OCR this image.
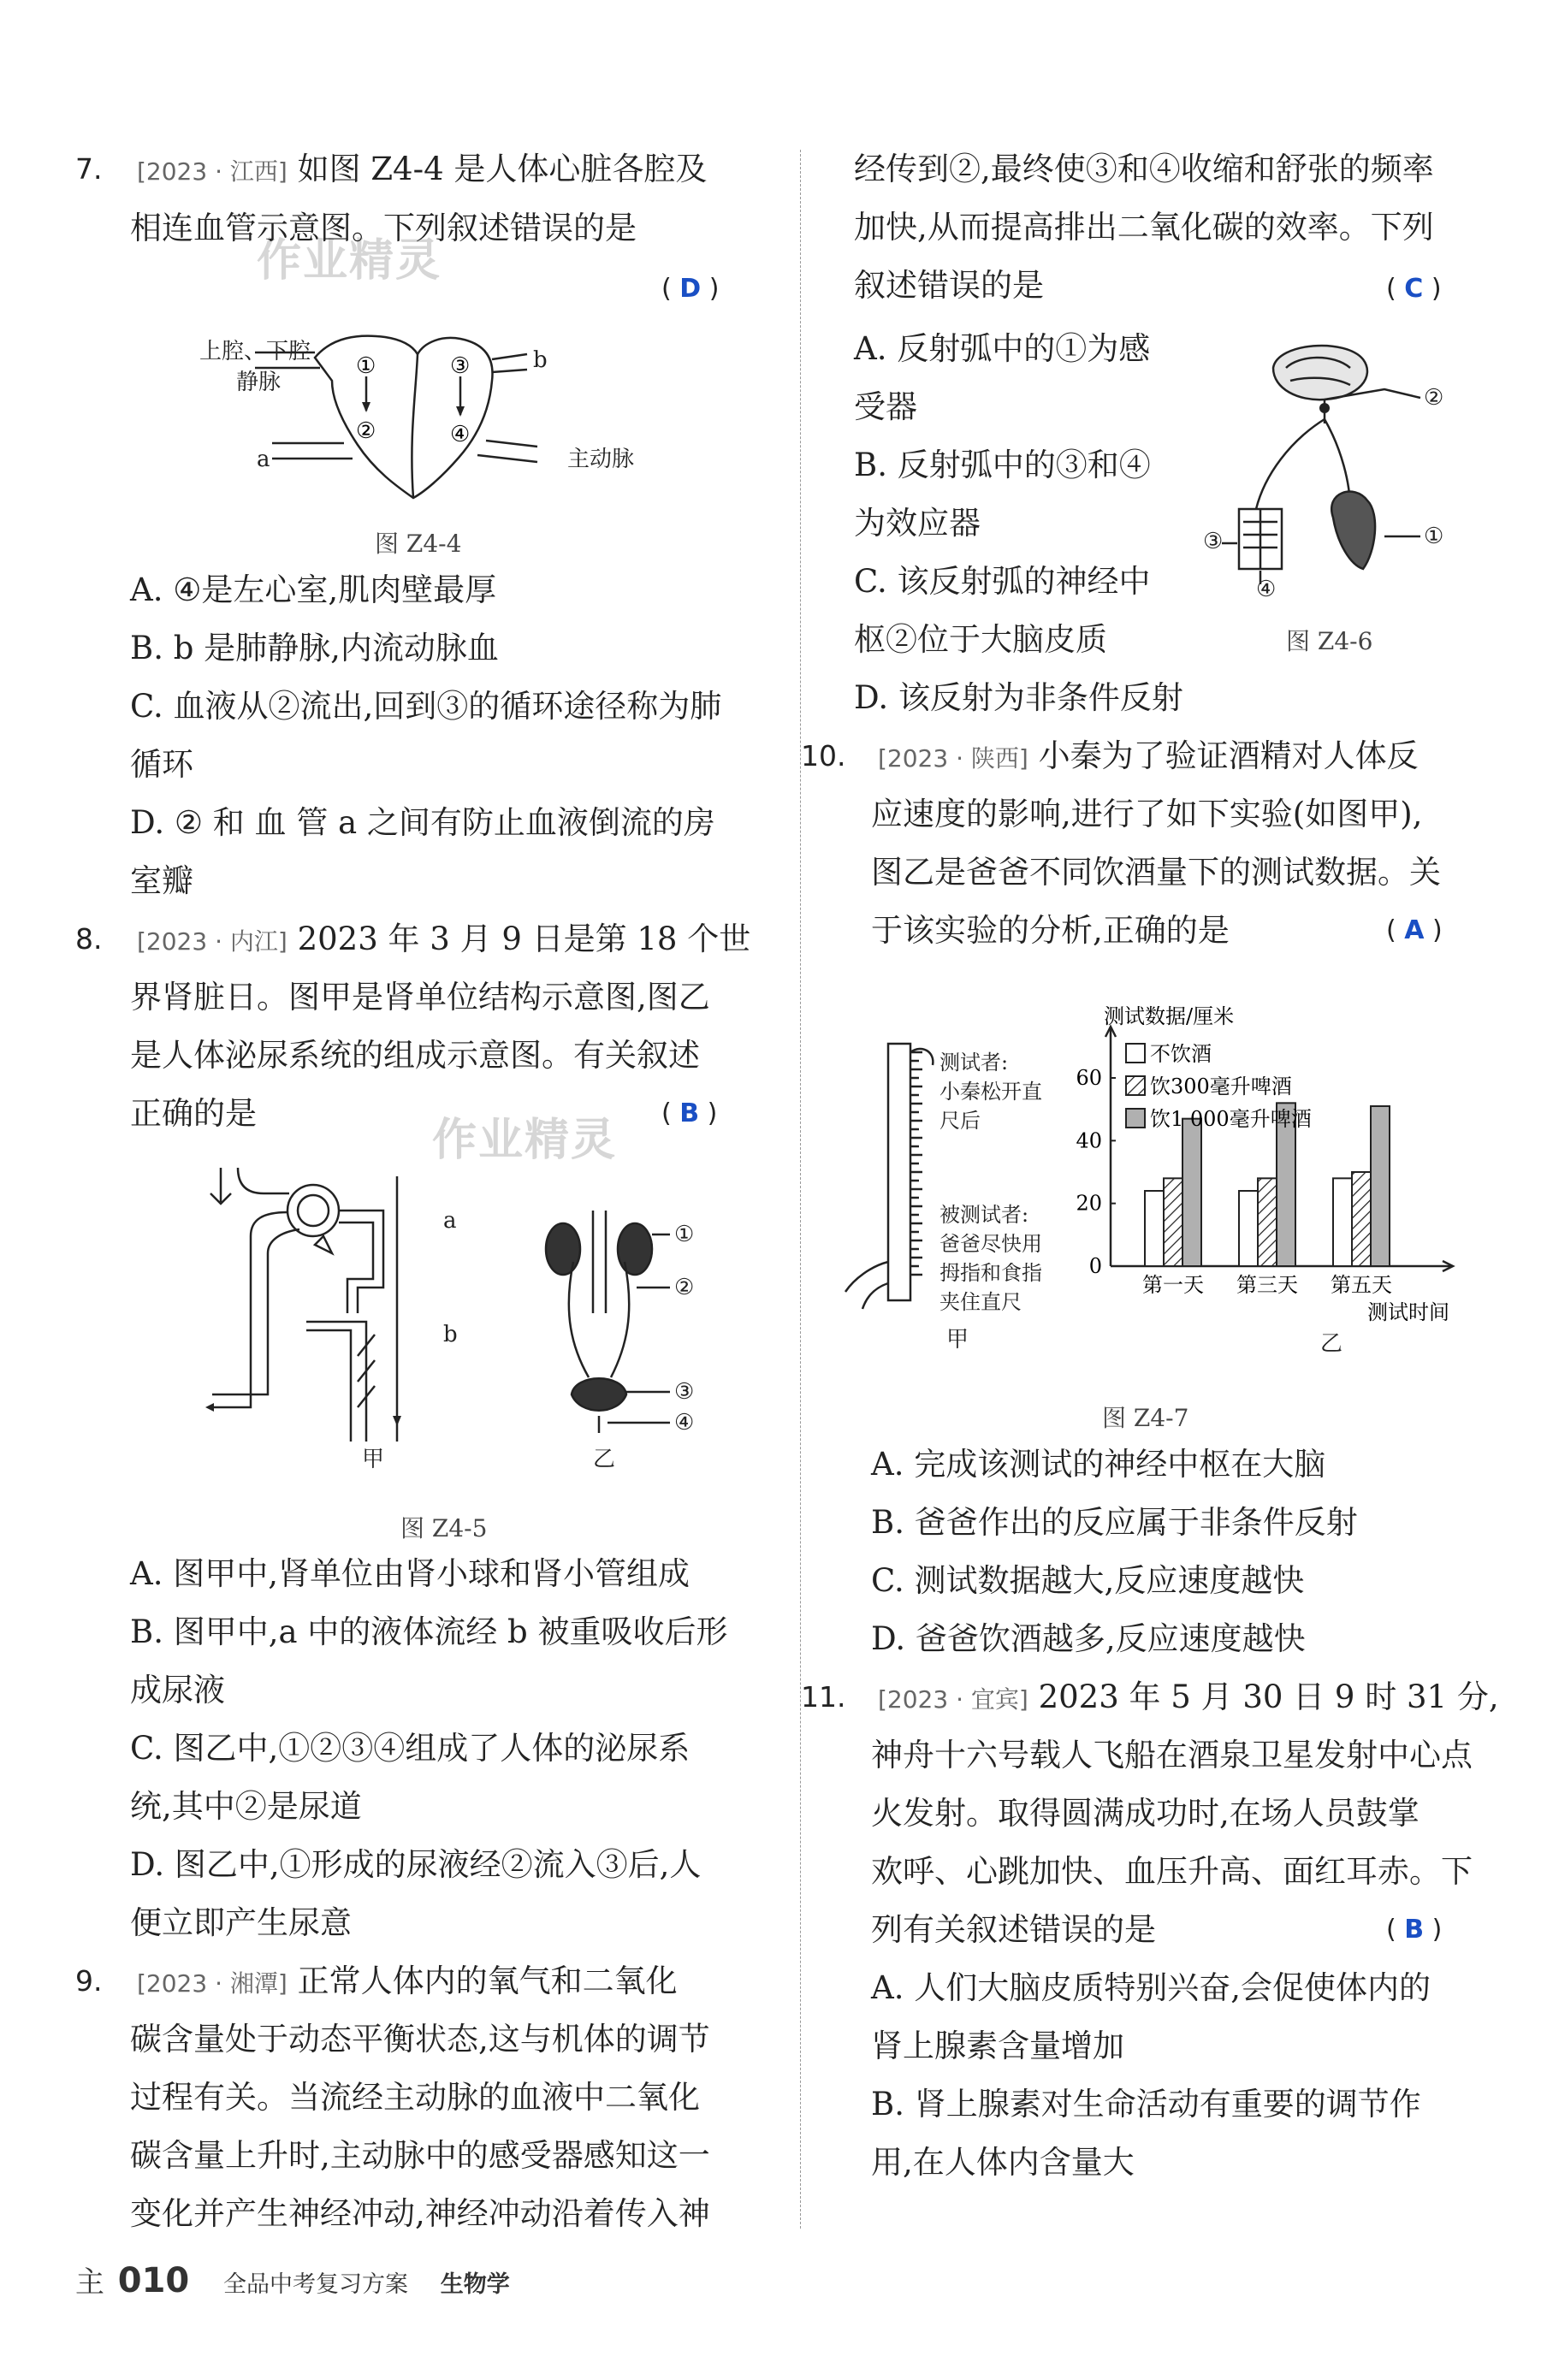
作业精灵
作业精灵
7. [2023 · 江西] 如图 Z4-4 是人体心脏各腔及
相连血管示意图。下列叙述错误的是
( D )
①	③
②	④
上腔、下腔
静脉
b
a	主动脉
图 Z4-4
A. ④是左心室,肌肉壁最厚
B. b 是肺静脉,内流动脉血
C. 血液从②流出,回到③的循环途径称为肺
循环
D. ② 和 血 管 a 之间有防止血液倒流的房
室瓣
8. [2023 · 内江] 2023 年 3 月 9 日是第 18 个世
界肾脏日。图甲是肾单位结构示意图,图乙
是人体泌尿系统的组成示意图。有关叙述
正确的是	( B )
a
b
甲
①
②
③
④
乙
图 Z4-5
A. 图甲中,肾单位由肾小球和肾小管组成
B. 图甲中,a 中的液体流经 b 被重吸收后形
成尿液
C. 图乙中,①②③④组成了人体的泌尿系
统,其中②是尿道
D. 图乙中,①形成的尿液经②流入③后,人
便立即产生尿意
9. [2023 · 湘潭] 正常人体内的氧气和二氧化
碳含量处于动态平衡状态,这与机体的调节
过程有关。当流经主动脉的血液中二氧化
碳含量上升时,主动脉中的感受器感知这一
变化并产生神经冲动,神经冲动沿着传入神
经传到②,最终使③和④收缩和舒张的频率
加快,从而提高排出二氧化碳的效率。下列
叙述错误的是	( C )
A. 反射弧中的①为感
受器
B. 反射弧中的③和④
为效应器
C. 该反射弧的神经中
枢②位于大脑皮质
D. 该反射为非条件反射
②
①
③
④
图 Z4-6
10. [2023 · 陕西] 小秦为了验证酒精对人体反
应速度的影响,进行了如下实验(如图甲),
图乙是爸爸不同饮酒量下的测试数据。关
于该实验的分析,正确的是	( A )
测试者:
小秦松开直
尺后
被测试者:
爸爸尽快用
拇指和食指
夹住直尺
甲
测试数据/厘米
测试时间
0
20
40
60
第一天 第三天 第五天
不饮酒
饮300毫升啤酒
饮1 000毫升啤酒
乙
图 Z4-7
A. 完成该测试的神经中枢在大脑
B. 爸爸作出的反应属于非条件反射
C. 测试数据越大,反应速度越快
D. 爸爸饮酒越多,反应速度越快
11. [2023 · 宜宾] 2023 年 5 月 30 日 9 时 31 分,
神舟十六号载人飞船在酒泉卫星发射中心点
火发射。取得圆满成功时,在场人员鼓掌
欢呼、心跳加快、血压升高、面红耳赤。下
列有关叙述错误的是	( B )
A. 人们大脑皮质特别兴奋,会促使体内的
肾上腺素含量增加
B. 肾上腺素对生命活动有重要的调节作
用,在人体内含量大
主 010 全品中考复习方案 生物学
